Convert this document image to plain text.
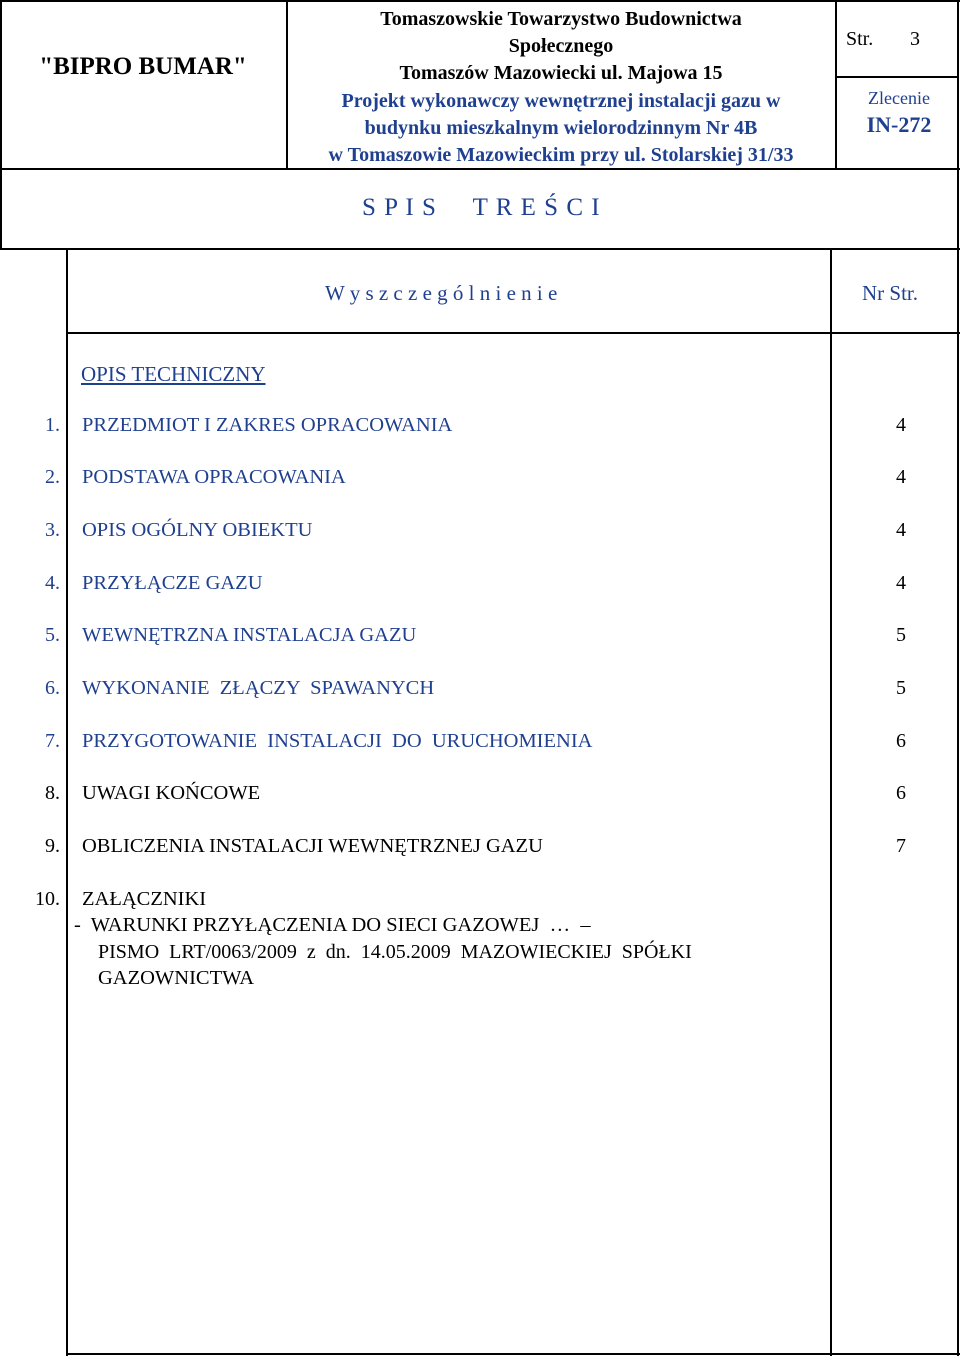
"BIPRO BUMAR"
Tomaszowskie Towarzystwo Budownictwa
Społecznego
Tomaszów Mazowiecki ul. Majowa 15
Projekt wykonawczy wewnętrznej instalacji gazu w
budynku mieszkalnym wielorodzinnym Nr 4B
w Tomaszowie Mazowieckim przy ul. Stolarskiej 31/33
Str. 3
Zlecenie
IN-272
S P I S     T R E Ś C I
W y s z c z e g ó l n i e n i e	Nr Str.
OPIS TECHNICZNY
1. PRZEDMIOT I ZAKRES OPRACOWANIA	4
2. PODSTAWA OPRACOWANIA	4
3. OPIS OGÓLNY OBIEKTU	4
4. PRZYŁĄCZE GAZU	4
5. WEWNĘTRZNA INSTALACJA GAZU	5
6. WYKONANIE  ZŁĄCZY  SPAWANYCH	5
7. PRZYGOTOWANIE  INSTALACJI  DO  URUCHOMIENIA	6
8. UWAGI KOŃCOWE	6
9. OBLICZENIA INSTALACJI WEWNĘTRZNEJ GAZU	7
10. ZAŁĄCZNIKI
-  WARUNKI PRZYŁĄCZENIA DO SIECI GAZOWEJ  …  –
PISMO  LRT/0063/2009  z  dn.  14.05.2009  MAZOWIECKIEJ  SPÓŁKI
GAZOWNICTWA
